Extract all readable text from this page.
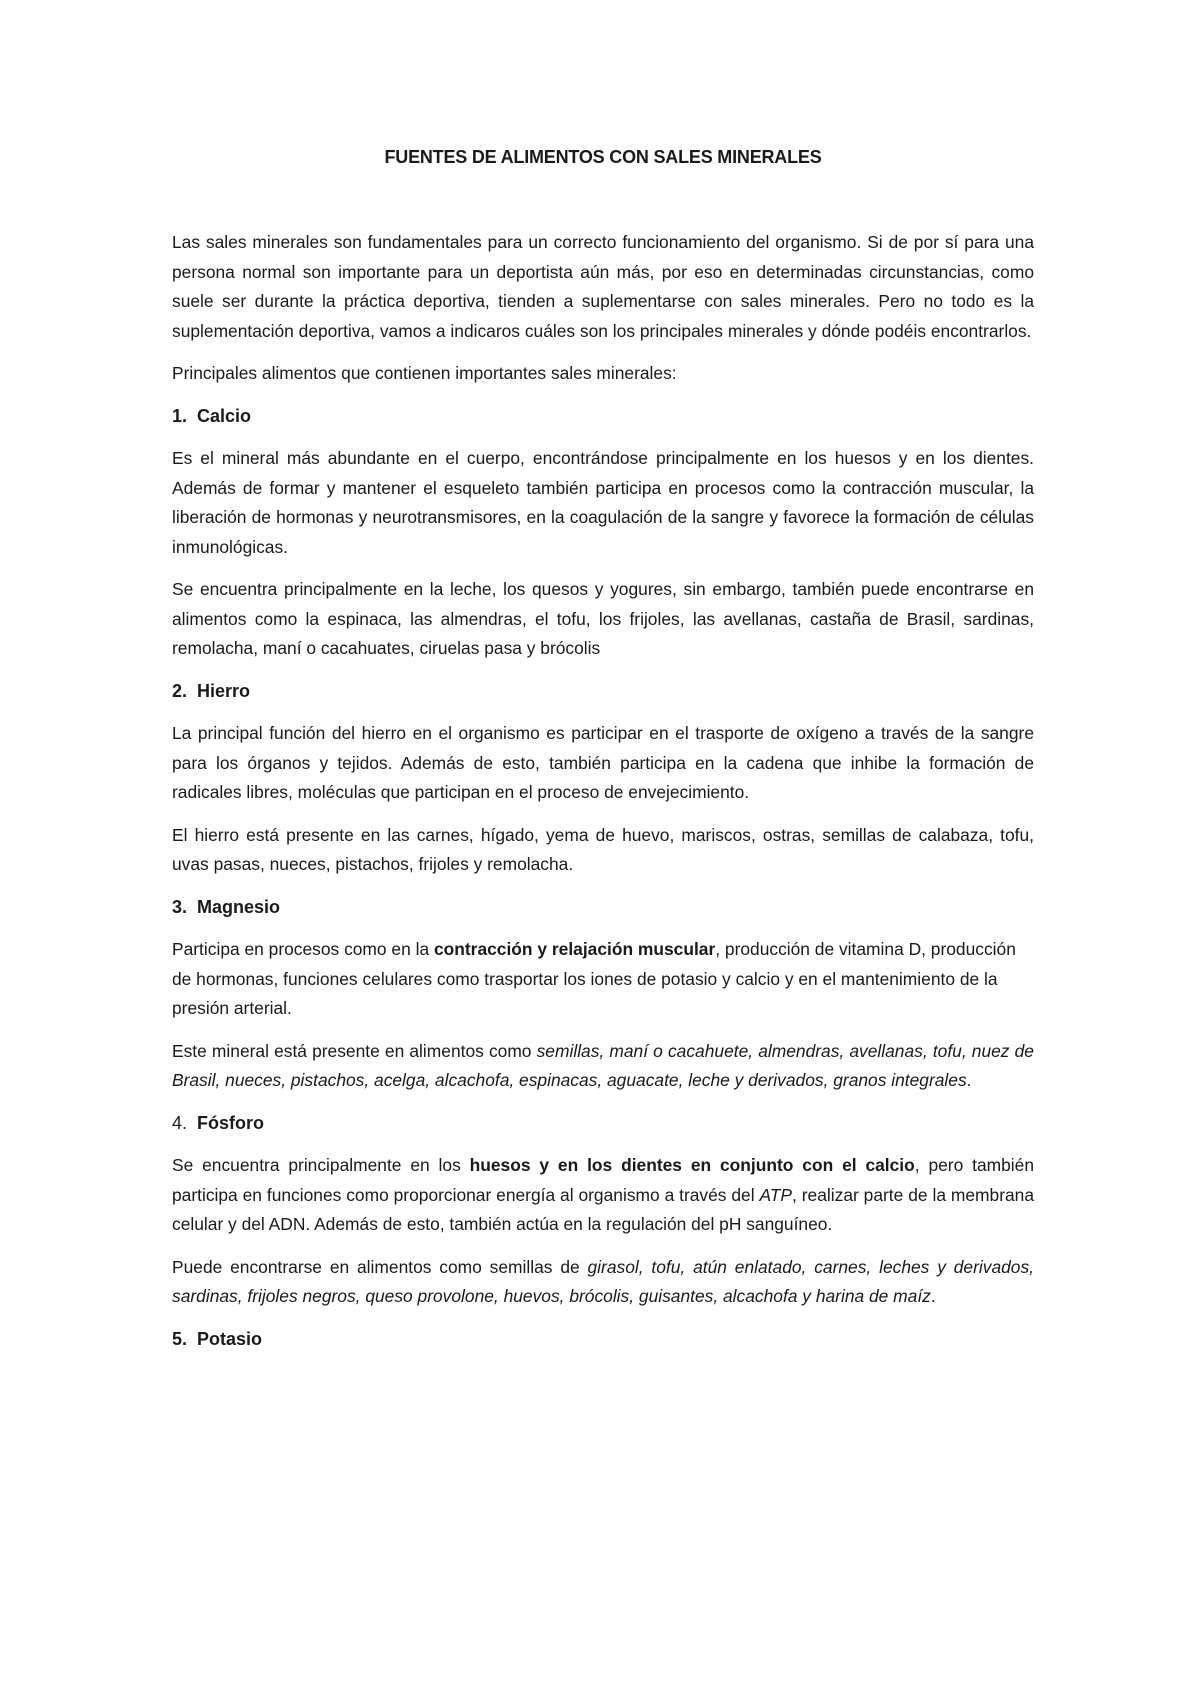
FUENTES DE ALIMENTOS CON SALES MINERALES

Las sales minerales son fundamentales para un correcto funcionamiento del organismo. Si de por sí para una persona normal son importante para un deportista aún más, por eso en determinadas circunstancias, como suele ser durante la práctica deportiva, tienden a suplementarse con sales minerales. Pero no todo es la suplementación deportiva, vamos a indicaros cuáles son los principales minerales y dónde podéis encontrarlos.

Principales alimentos que contienen importantes sales minerales:

1. Calcio

Es el mineral más abundante en el cuerpo, encontrándose principalmente en los huesos y en los dientes. Además de formar y mantener el esqueleto también participa en procesos como la contracción muscular, la liberación de hormonas y neurotransmisores, en la coagulación de la sangre y favorece la formación de células inmunológicas.

Se encuentra principalmente en la leche, los quesos y yogures, sin embargo, también puede encontrarse en alimentos como la espinaca, las almendras, el tofu, los frijoles, las avellanas, castaña de Brasil, sardinas, remolacha, maní o cacahuates, ciruelas pasa y brócolis

2. Hierro

La principal función del hierro en el organismo es participar en el trasporte de oxígeno a través de la sangre para los órganos y tejidos. Además de esto, también participa en la cadena que inhibe la formación de radicales libres, moléculas que participan en el proceso de envejecimiento.

El hierro está presente en las carnes, hígado, yema de huevo, mariscos, ostras, semillas de calabaza, tofu, uvas pasas, nueces, pistachos, frijoles y remolacha.

3. Magnesio

Participa en procesos como en la contracción y relajación muscular, producción de vitamina D, producción de hormonas, funciones celulares como trasportar los iones de potasio y calcio y en el mantenimiento de la presión arterial.

Este mineral está presente en alimentos como semillas, maní o cacahuete, almendras, avellanas, tofu, nuez de Brasil, nueces, pistachos, acelga, alcachofa, espinacas, aguacate, leche y derivados, granos integrales.

4. Fósforo

Se encuentra principalmente en los huesos y en los dientes en conjunto con el calcio, pero también participa en funciones como proporcionar energía al organismo a través del ATP, realizar parte de la membrana celular y del ADN. Además de esto, también actúa en la regulación del pH sanguíneo.

Puede encontrarse en alimentos como semillas de girasol, tofu, atún enlatado, carnes, leches y derivados, sardinas, frijoles negros, queso provolone, huevos, brócolis, guisantes, alcachofa y harina de maíz.

5. Potasio
